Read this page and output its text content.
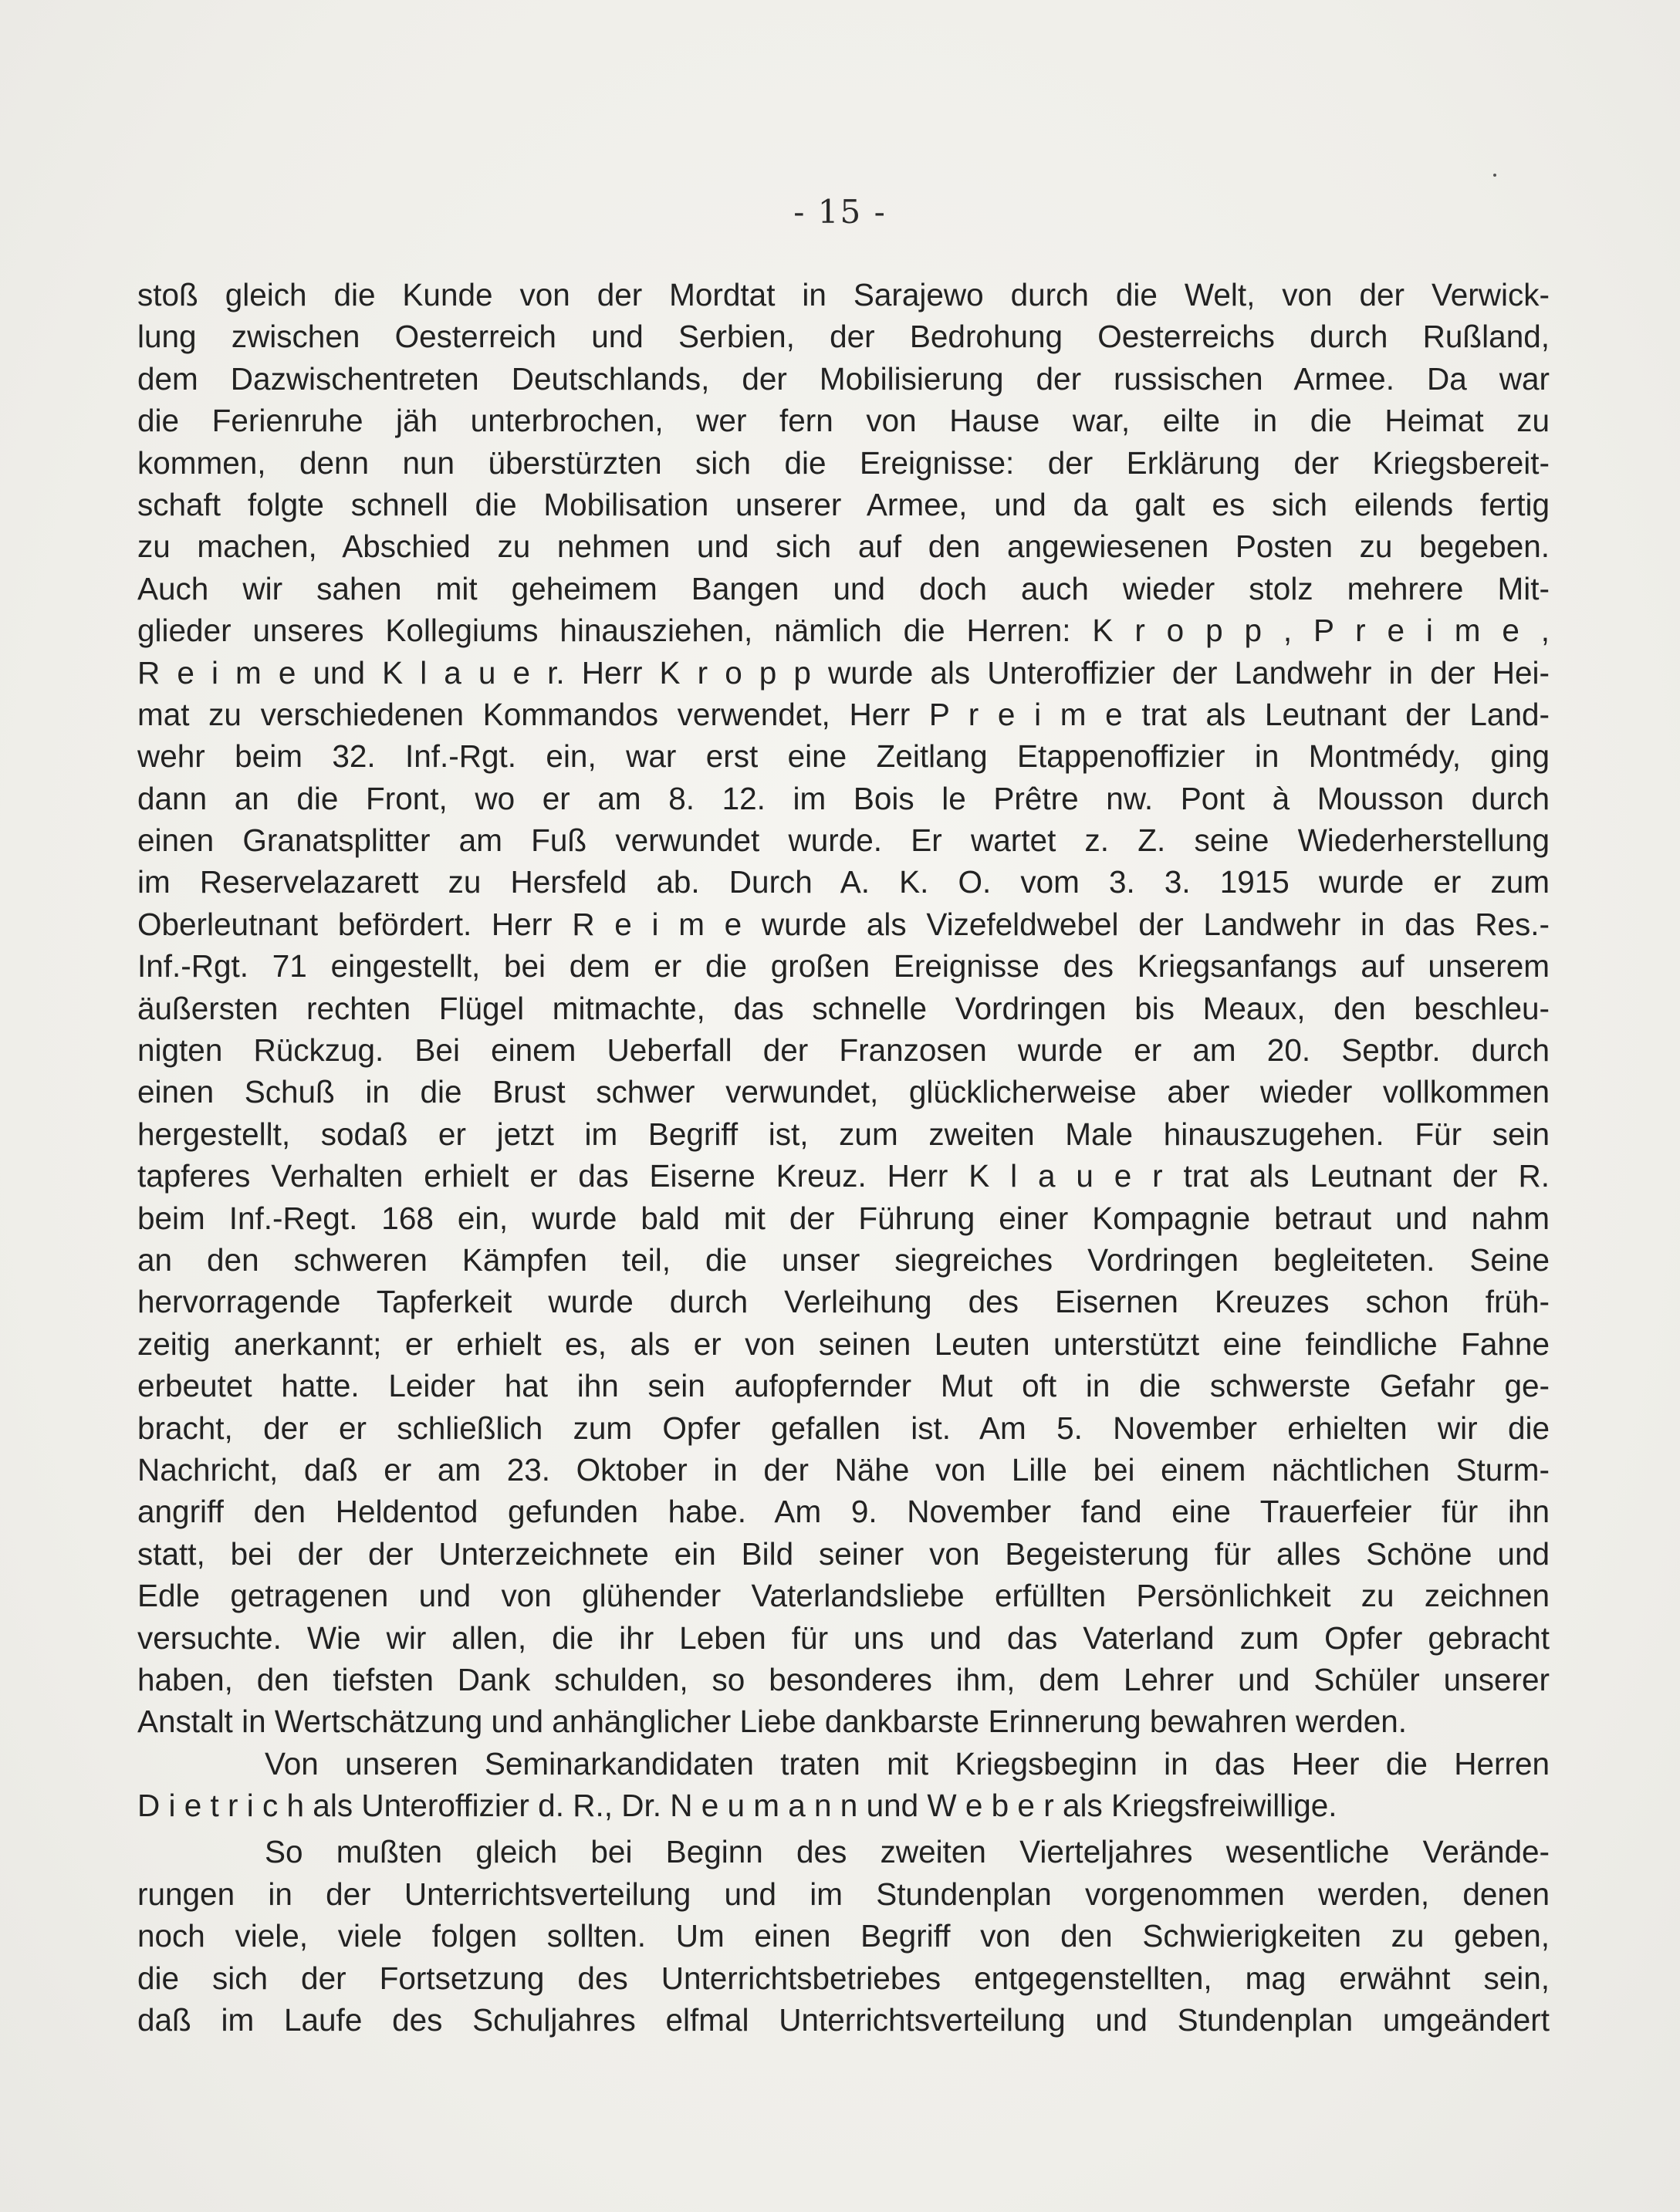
- 15 -
stoß gleich die Kunde von der Mordtat in Sarajewo durch die Welt, von der Verwick-
lung zwischen Oesterreich und Serbien, der Bedrohung Oesterreichs durch Rußland,
dem Dazwischentreten Deutschlands, der Mobilisierung der russischen Armee. Da war
die Ferienruhe jäh unterbrochen, wer fern von Hause war, eilte in die Heimat zu
kommen, denn nun überstürzten sich die Ereignisse: der Erklärung der Kriegsbereit-
schaft folgte schnell die Mobilisation unserer Armee, und da galt es sich eilends fertig
zu machen, Abschied zu nehmen und sich auf den angewiesenen Posten zu begeben.
Auch wir sahen mit geheimem Bangen und doch auch wieder stolz mehrere Mit-
glieder unseres Kollegiums hinausziehen, nämlich die Herren: K r o p p , P r e i m e ,
R e i m e und K l a u e r. Herr K r o p p wurde als Unteroffizier der Landwehr in der Hei-
mat zu verschiedenen Kommandos verwendet, Herr P r e i m e trat als Leutnant der Land-
wehr beim 32. Inf.-Rgt. ein, war erst eine Zeitlang Etappenoffizier in Montmédy, ging
dann an die Front, wo er am 8. 12. im Bois le Prêtre nw. Pont à Mousson durch
einen Granatsplitter am Fuß verwundet wurde. Er wartet z. Z. seine Wiederherstellung
im Reservelazarett zu Hersfeld ab. Durch A. K. O. vom 3. 3. 1915 wurde er zum
Oberleutnant befördert. Herr R e i m e wurde als Vizefeldwebel der Landwehr in das Res.-
Inf.-Rgt. 71 eingestellt, bei dem er die großen Ereignisse des Kriegsanfangs auf unserem
äußersten rechten Flügel mitmachte, das schnelle Vordringen bis Meaux, den beschleu-
nigten Rückzug. Bei einem Ueberfall der Franzosen wurde er am 20. Septbr. durch
einen Schuß in die Brust schwer verwundet, glücklicherweise aber wieder vollkommen
hergestellt, sodaß er jetzt im Begriff ist, zum zweiten Male hinauszugehen. Für sein
tapferes Verhalten erhielt er das Eiserne Kreuz. Herr K l a u e r trat als Leutnant der R.
beim Inf.-Regt. 168 ein, wurde bald mit der Führung einer Kompagnie betraut und nahm
an den schweren Kämpfen teil, die unser siegreiches Vordringen begleiteten. Seine
hervorragende Tapferkeit wurde durch Verleihung des Eisernen Kreuzes schon früh-
zeitig anerkannt; er erhielt es, als er von seinen Leuten unterstützt eine feindliche Fahne
erbeutet hatte. Leider hat ihn sein aufopfernder Mut oft in die schwerste Gefahr ge-
bracht, der er schließlich zum Opfer gefallen ist. Am 5. November erhielten wir die
Nachricht, daß er am 23. Oktober in der Nähe von Lille bei einem nächtlichen Sturm-
angriff den Heldentod gefunden habe. Am 9. November fand eine Trauerfeier für ihn
statt, bei der der Unterzeichnete ein Bild seiner von Begeisterung für alles Schöne und
Edle getragenen und von glühender Vaterlandsliebe erfüllten Persönlichkeit zu zeichnen
versuchte. Wie wir allen, die ihr Leben für uns und das Vaterland zum Opfer gebracht
haben, den tiefsten Dank schulden, so besonderes ihm, dem Lehrer und Schüler unserer
Anstalt in Wertschätzung und anhänglicher Liebe dankbarste Erinnerung bewahren werden.
Von unseren Seminarkandidaten traten mit Kriegsbeginn in das Heer die Herren
D i e t r i c h als Unteroffizier d. R., Dr. N e u m a n n und W e b e r als Kriegsfreiwillige.
So mußten gleich bei Beginn des zweiten Vierteljahres wesentliche Verände-
rungen in der Unterrichtsverteilung und im Stundenplan vorgenommen werden, denen
noch viele, viele folgen sollten. Um einen Begriff von den Schwierigkeiten zu geben,
die sich der Fortsetzung des Unterrichtsbetriebes entgegenstellten, mag erwähnt sein,
daß im Laufe des Schuljahres elfmal Unterrichtsverteilung und Stundenplan umgeändert
